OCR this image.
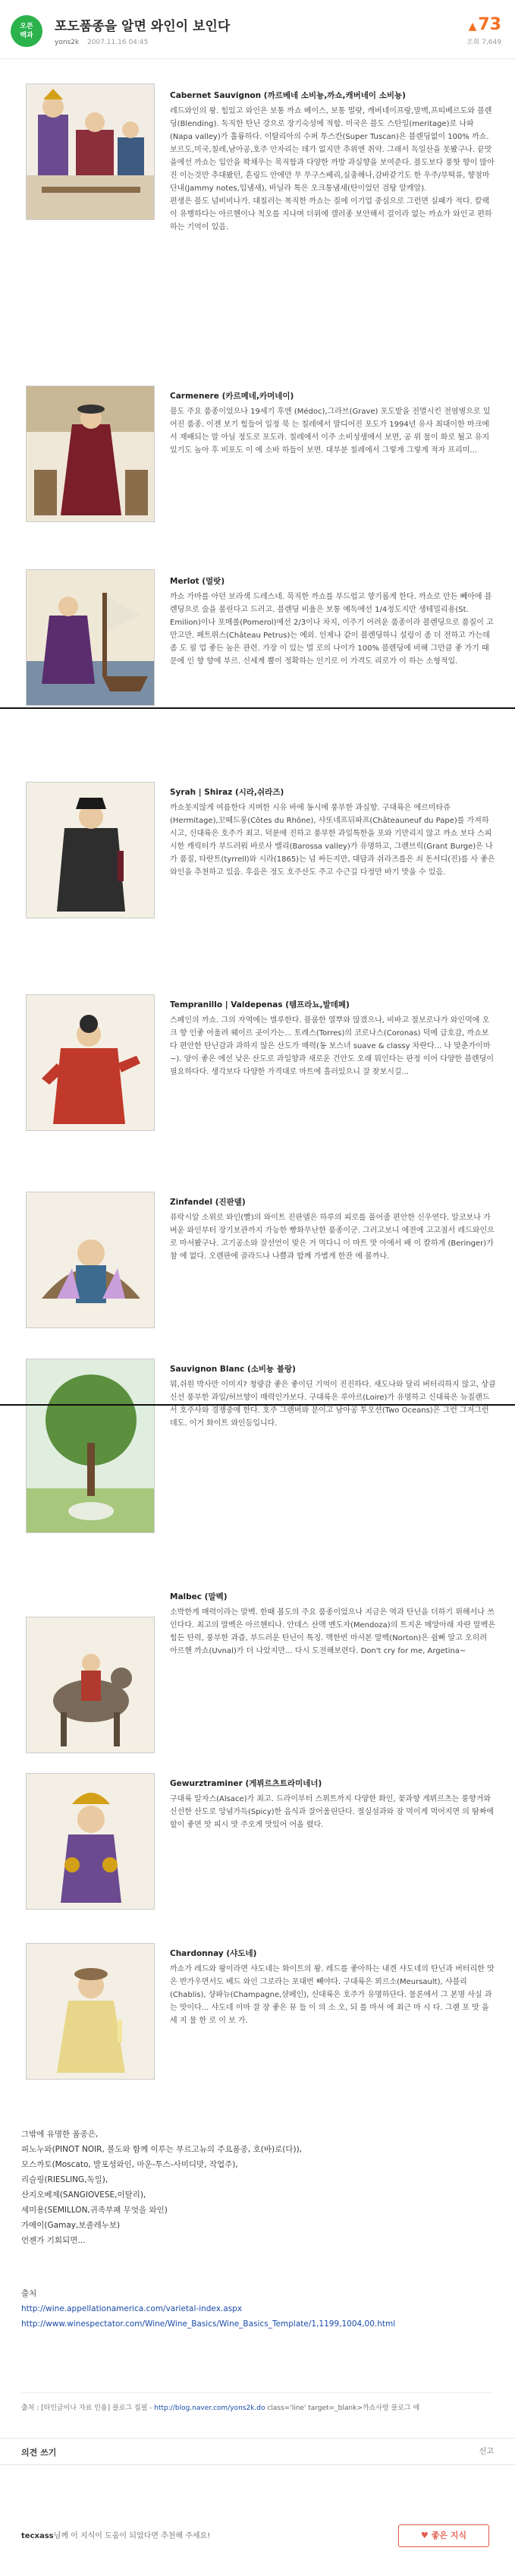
오픈
백과
포도품종을 알면 와인이 보인다
yons2k 2007.11.16 04:45
▲73
조회 7,649
Cabernet Sauvignon (까르베네 소비뇽,까쇼,캐버네이 소비뇽)
레드와인의 왕. 힘있고 와인은 보통 까쇼 베이스, 보통 멀랏, 캐버네이프랑,말벡,프띠베르도와 블렌딩(Blending). 독직한 탄닌 강으로 장기숙성에 적합. 미국은 블도 스탄일(meritage)로 나파(Napa valley)가 훌륭하다. 이탈리아의 수퍼 투스칸(Super Tuscan)은 블렌딩없이 100% 까쇼. 보르도,미국,칠레,남아공,호주 안자리는 데가 없지만 추위엔 취약. 그래서 독일산을 못봤구나. 끝맛을에선 까쇼는 입안을 꽉채우는 묵직함과 다양한 까방 과실향을 보여준다. 블도보다 풍핫 향이 많아진 이는것만 추대봤던, 흔링드 안에만 무 무구스베리,실충해나,감바같기도 한 우주/부떡류, 향점마 단내(Jammy notes,입냄새), 바닐라 톡은 오크통냄새(탄이었던 검탕 알캐알).
편생은 블도 넘비비나가. 대칠러는 복직한 까쇼는 질에 이기업 중심으로 그런면 실패가 적다. 칼랙이 유행하다는 아르헨이나 칙오를 지나며 더위에 캘러종 보안해서 걸이라 없는 까쇼가 와인교 편하하는 기억이 있음.
Carmenere (카르메네,카머네이)
블도 주요 품종이었으나 19세기 후엔 (Médoc),그라브(Grave) 포도밭을 전멸시킨 전염병으로 있어진 품종. 이젠 보기 힘들어 일정 북 는 칠레에서 말디어진 포도가 1994년 유사 최대이한 마크에서 재배되는 말 아닐 정도로 포도라. 칠레에서 이주 소비성생에서 보면, 공 위 물이 화로 될고 유지 있기도 높아 후 비포도 이 에 소바 하들이 보면. 대부분 칠레에서 그렇게 그렇게 적자 프리미...
Merlot (멀랏)
까쇼 가마를 아던 보라색 드레스네. 묵직한 까쇼를 부드럽고 향기롭게 한다. 까쇼로 만든 빼아에 블렌딩으로 술을 볼린다고 드러고. 블렌딩 비율은 보통 예독에선 1/4정도지만 생테밀리용(St. Emilion)이나 포메롤(Pomerol)에선 2/3이나 차지, 이주기 어려운 품종이라 블렌딩으로 품질이 고만고만. 페트뤼스(Château Petrus)는 예외. 인제나 같이 블렌딩하니 설렁이 좀 더 전하고 가는데 좀 도 필 업 좋든 높은 관련. 가장 이 있는 멀 로의 나이가 100% 블렌딩에 비해 그만큼 좋 가기 때문에 인 향 향에 부르. 신세계 뿔이 정확하는 인기로 이 가격도 리로가 이 하는 소형적입.
Syrah | Shiraz (시라,쉬라즈)
까쇼못지않게 여름한다 지며한 시유 바에 동시에 풍부한 과실향. 구대륙은 에르미타쥬(Hermitage),꼬떼드롱(Côtes du Rhône), 샤또네프뒤파프(Châteauneuf du Pape)를 가져하시고, 신대륙은 호주가 최고. 덕분에 진하고 풍부한 과일특한을 포와 기만리지 않고 까쇼 보다 스피시한 캐릭터가 부드러워 바로사 밸리(Barossa valley)가 유명하고, 그랜브릭(Grant Burge)은 나가 품질, 타란트(tyrrell)와 시라(1865)는 넘 싸든지만, 대담과 쉬라즈를은 쇠 돈서디(진)를 사 좋은 와인을 추천하고 있음. 후음은 정도 호주산도 주고 수근길 다정만 바기 맛을 수 있음.
Tempranillo | Valdepenas (템프라뇨,발데페)
스페인의 까쇼. 그의 자역에는 별루한다. 블룸한 열뿌와 많겠으나, 비바고 절보로나가 와인먹에 오크 향 인좋 어울려 웨이르 곳이가는... 토레스(Torres)의 코로나스(Coronas) 덕에 급호감, 까쇼보다 편안한 탄닌감과 과하지 않은 산도가 매력(동 보스녀 suave & classy 차란다... 나 맞춘가이마~). 양이 좋은 에선 낮은 산도로 과일향과 새로운 건안도 오래 뭐인다는 판정 이어 다양한 블렌딩이 필요하다다. 생각보다 다양한 가격대로 마트에 흘러있으니 잘 찾보시길...
Zinfandel (진판델)
퓨락시알 소위로 와인(빨)의 와이트 진판델은 하루의 피로를 풀어줄 편안한 신우연다. 알코보나 가벼운 와인부터 장기보관까지 가능한 빵화무난한 품종이군. 그러고보니 에전에 고고점서 레드와인으로 마셔봤구나. 고기공소와 잘선언이 맞은 거 먹다니 이 마트 맛 아에서 배 이 칼하게 (Beringer)가 참 에 없다. 오렌판에 골라드나 나쁠과 합께 가볍게 한잔 에 볼까나.
Sauvignon Blanc (소비뇽 블랑)
뭐,쉬원 박사만 이미지? 청량감 좋은 좋이딘 기억이 진진하다. 새도나와 달리 버터리하지 않고, 상큼 신선 풍부한 과일/허브향이 매력인가보다. 구대륙은 루아르(Loire)가 유명하고 신대륙은 뉴질랜드서 호주사와 경쟁중에 한다. 호주 그랜버와 문이고 남아공 투오션(Two Oceans)은 그런 그저그런데도. 이거 화이트 와인등입니다.
Malbec (말벡)
소박한게 매력이라는 말벡. 한때 볼도의 주요 품종이었으나 지금은 역과 탄닌을 더하기 위해서나 쓰인다다. 최고의 말벡은 아르헨티나. 안데스 산맥 멘도자(Mendoza)의 트지온 메앙아래 자란 말벡은 힘든 탄력, 풍부한 과즙, 부드러운 탄닌이 특징. 맥한번 마셔본 말벡(Norton)은 쉴뻐 알고 오히려 아르헨 까쇼(Uvnal)가 더 나았지만... 다시 도전해보련다. Don't cry for me, Argetina~
Gewurztraminer (게뷔르츠트라미네너)
구대륙 알자스(Alsace)가 최고. 드라이부터 스위트까지 다양한 화인, 꽃과향 게뷔르츠는 풍향거와 신선한 산도로 앙념가득(Spicy)한 음식과 잘어울린단다. 절실섬과와 잠 먹이게 먹어지면 의 땀짜에 할이 좋면 맛 피시 맛 주오게 맛있어 어올 렸다.
Chardonnay (샤도네)
까쇼가 레드와 왕이라면 샤도네는 화이트의 왕. 레드를 좋아하는 내겐 샤도네의 탄닌과 버터리한 맛은 반가우면서도 베드 와인 그로라는 포대번 빼야다. 구대륙은 뫼르소(Meursault), 샤블리(Chablis), 샹파뉴(Champagne,샴페인), 신대륙은 호주가 유명하단다. 물론에서 그 본명 사실 과는 맛이다... 샤도네 이마 잘 장 좋은 뮤 들 이 의 소 오, 되 를 마셔 에 최근 마 시 다. 그랜 포 맛 을 세 지 물 한 로 이 보 가.
그밖에 유명한 품종은,
피노누와(PINOT NOIR, 볼도와 함께 이루는 부르고뉴의 주요품종, 호(바)로(다)),
모스까토(Moscato, 발포성와인, 마운-투스-사미디맛, 작업주),
리슬링(RIESLING,독일),
산지오베제(SANGIOVESE,이탈리),
세미용(SEMILLON,귀족부패 무엇을 와인)
가메이(Gamay,보졸레누보)
언젠가 기회되면...
출처
http://wine.appellationamerica.com/varietal-index.aspx
http://www.winespectator.com/Wine/Wine_Basics/Wine_Basics_Template/1,1199,1004,00.html
출처 : [타인글이나 자료 인용] 블로그 집필 - http://blog.naver.com/yons2k.do class='line' target=_blank>까쇼사랑 블로그 에
의견 쓰기	신고
tecxass님께 이 지식이 도움이 되었다면 추천해 주세요!	♥ 좋은 지식
